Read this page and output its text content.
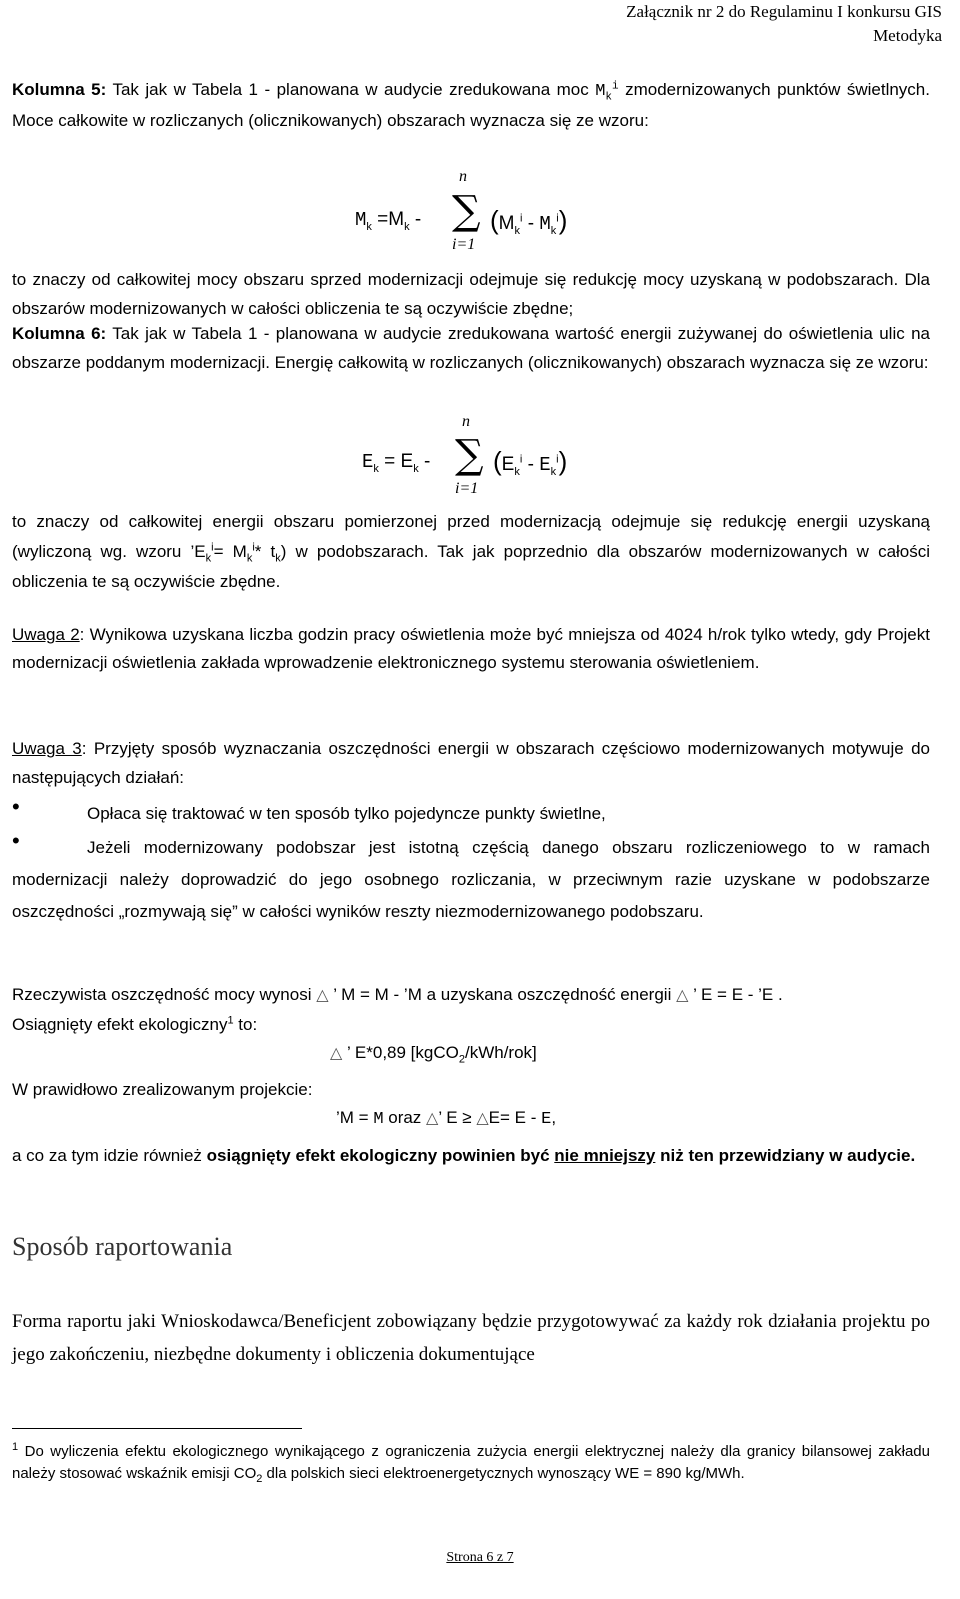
Załącznik nr 2 do Regulaminu I konkursu GIS
Metodyka
Kolumna 5: Tak jak w Tabela 1 - planowana w audycie zredukowana moc $M_k^i$ zmodernizowanych punktów świetlnych. Moce całkowite w rozliczanych (olicznikowanych) obszarach wyznacza się ze wzoru:
$M_k =M_k$ -
n
∑
i=1
$(M_k^i - M_k^i)$
to znaczy od całkowitej mocy obszaru sprzed modernizacji odejmuje się redukcję mocy uzyskaną w podobszarach. Dla obszarów modernizowanych w całości obliczenia te są oczywiście zbędne;
Kolumna 6: Tak jak w Tabela 1 - planowana w audycie zredukowana wartość energii zużywanej do oświetlenia ulic na obszarze poddanym modernizacji. Energię całkowitą w rozliczanych (olicznikowanych) obszarach wyznacza się ze wzoru:
$E_k = E_k$ -
n
∑
i=1
$(E_k^i - E_k^i)$
to znaczy od całkowitej energii obszaru pomierzonej przed modernizacją odejmuje się redukcję energii uzyskaną (wyliczoną wg. wzoru $’E_k^i= M_k^i*$ $t_k$) w podobszarach. Tak jak poprzednio dla obszarów modernizowanych w całości obliczenia te są oczywiście zbędne.
Uwaga 2: Wynikowa uzyskana liczba godzin pracy oświetlenia może być mniejsza od 4024 h/rok tylko wtedy, gdy Projekt modernizacji oświetlenia zakłada wprowadzenie elektronicznego systemu sterowania oświetleniem.
Uwaga 3: Przyjęty sposób wyznaczania oszczędności energii w obszarach częściowo modernizowanych motywuje do następujących działań:
•	Opłaca się traktować w ten sposób tylko pojedyncze punkty świetlne,
•	Jeżeli modernizowany podobszar jest istotną częścią danego obszaru rozliczeniowego to w ramach modernizacji należy doprowadzić do jego osobnego rozliczania, w przeciwnym razie uzyskane w podobszarze oszczędności „rozmywają się” w całości wyników reszty niezmodernizowanego podobszaru.
Rzeczywista oszczędność mocy wynosi △ ’ M = M - ’M a uzyskana oszczędność energii △ ’ E = E - ’E .
Osiągnięty efekt ekologiczny$^1$ to:
△ ’ E*0,89 [kgCO$_2$/kWh/rok]
W prawidłowo zrealizowanym projekcie:
’M = M oraz △’ E ≥ △E= E - E,
a co za tym idzie również osiągnięty efekt ekologiczny powinien być nie mniejszy niż ten przewidziany w audycie.
Sposób raportowania
Forma raportu jaki Wnioskodawca/Beneficjent zobowiązany będzie przygotowywać za każdy rok działania projektu po jego zakończeniu, niezbędne dokumenty i obliczenia dokumentujące
$^1$ Do wyliczenia efektu ekologicznego wynikającego z ograniczenia zużycia energii elektrycznej należy dla granicy bilansowej zakładu należy stosować wskaźnik emisji $CO_2$ dla polskich sieci elektroenergetycznych wynoszący WE = 890 kg/MWh.
Strona 6 z 7
